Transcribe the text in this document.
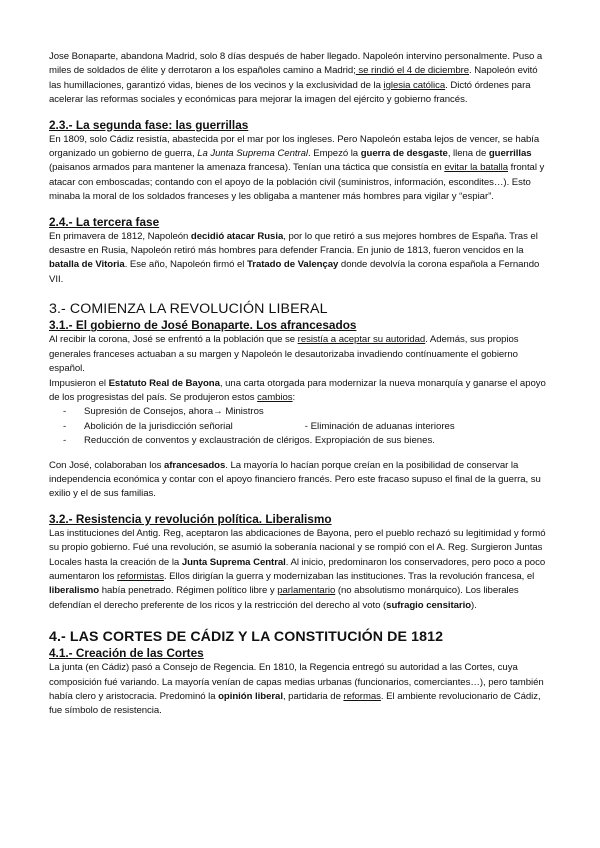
Jose Bonaparte, abandona Madrid, solo 8 días después de haber llegado. Napoleón intervino personalmente. Puso a miles de soldados de élite y derrotaron a los españoles camino a Madrid; se rindió el 4 de diciembre. Napoleón evitó las humillaciones, garantizó vidas, bienes de los vecinos y la exclusividad de la iglesia católica. Dictó órdenes para acelerar las reformas sociales y económicas para mejorar la imagen del ejército y gobierno francés.

2.3.- La segunda fase: las guerrillas

En 1809, solo Cádiz resistía, abastecida por el mar por los ingleses. Pero Napoleón estaba lejos de vencer, se había organizado un gobierno de guerra, La Junta Suprema Central. Empezó la guerra de desgaste, llena de guerrillas (paisanos armados para mantener la amenaza francesa). Tenían una táctica que consistía en evitar la batalla frontal y atacar con emboscadas; contando con el apoyo de la población civil (suministros, información, escondites…). Esto minaba la moral de los soldados franceses y les obligaba a mantener más hombres para vigilar y “espiar”.

2.4.- La tercera fase

En primavera de 1812, Napoleón decidió atacar Rusia, por lo que retiró a sus mejores hombres de España. Tras el desastre en Rusia, Napoleón retiró más hombres para defender Francia. En junio de 1813, fueron vencidos en la batalla de Vitoria. Ese año, Napoleón firmó el Tratado de Valençay donde devolvía la corona española a Fernando VII.

3.- COMIENZA LA REVOLUCIÓN LIBERAL
3.1.- El gobierno de José Bonaparte. Los afrancesados

Al recibir la corona, José se enfrentó a la población que se resistía a aceptar su autoridad. Además, sus propios generales franceses actuaban a su margen y Napoleón le desautorizaba invadiendo contínuamente el gobierno español.

Impusieron el Estatuto Real de Bayona, una carta otorgada para modernizar la nueva monarquía y ganarse el apoyo de los progresistas del país. Se produjeron estos cambios:

- Supresión de Consejos, ahora→ Ministros
- Abolición de la jurisdicción señorial	- Eliminación de aduanas interiores
- Reducción de conventos y exclaustración de clérigos. Expropiación de sus bienes.

Con José, colaboraban los afrancesados. La mayoría lo hacían porque creían en la posibilidad de conservar la independencia económica y contar con el apoyo financiero francés. Pero este fracaso supuso el final de la guerra, su exilio y el de sus familias.

3.2.- Resistencia y revolución política. Liberalismo

Las instituciones del Antig. Reg, aceptaron las abdicaciones de Bayona, pero el pueblo rechazó su legitimidad y formó su propio gobierno. Fué una revolución, se asumió la soberanía nacional y se rompió con el A. Reg. Surgieron Juntas Locales hasta la creación de la Junta Suprema Central. Al inicio, predominaron los conservadores, pero poco a poco aumentaron los reformistas. Ellos dirigían la guerra y modernizaban las instituciones. Tras la revolución francesa, el liberalismo había penetrado. Régimen político libre y parlamentario (no absolutismo monárquico). Los liberales defendían el derecho preferente de los ricos y la restricción del derecho al voto (sufragio censitario).

4.- LAS CORTES DE CÁDIZ Y LA CONSTITUCIÓN DE 1812
4.1.- Creación de las Cortes

La junta (en Cádiz) pasó a Consejo de Regencia. En 1810, la Regencia entregó su autoridad a las Cortes, cuya composición fué variando. La mayoría venían de capas medias urbanas (funcionarios, comerciantes…), pero también había clero y aristocracia. Predominó la opinión liberal, partidaria de reformas. El ambiente revolucionario de Cádiz, fue símbolo de resistencia.
